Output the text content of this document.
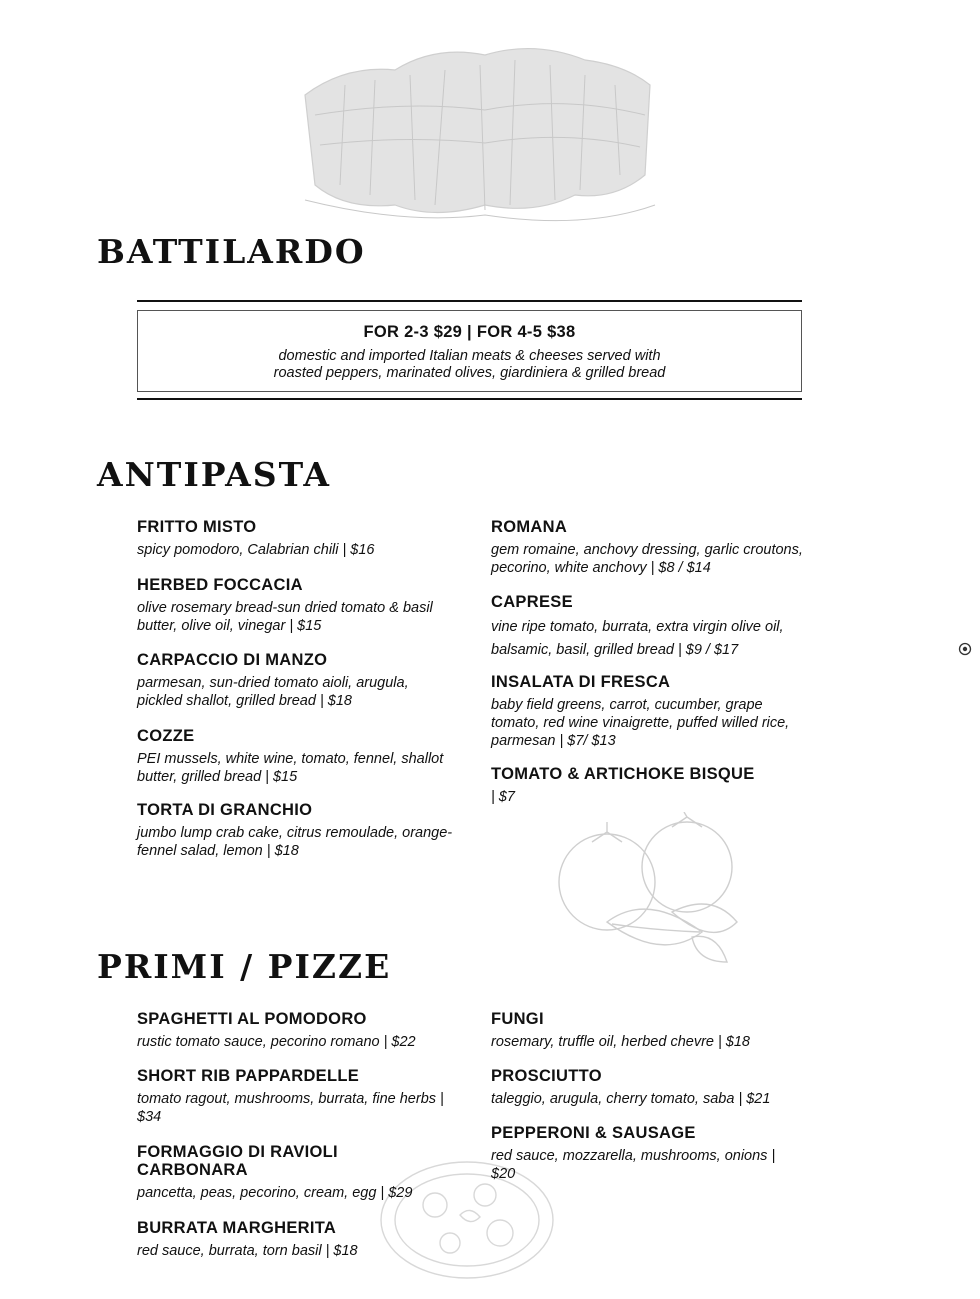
BATTILARDO
FOR 2-3 $29 | FOR 4-5 $38
domestic and imported Italian meats & cheeses served with
roasted peppers, marinated olives, giardiniera & grilled bread
ANTIPASTA
FRITTO MISTO
spicy pomodoro, Calabrian chili | $16
HERBED FOCCACIA
olive rosemary bread-sun dried tomato & basil butter, olive oil, vinegar | $15
CARPACCIO DI MANZO
parmesan, sun-dried tomato aioli, arugula, pickled shallot, grilled bread | $18
COZZE
PEI mussels, white wine, tomato, fennel, shallot butter, grilled bread | $15
TORTA DI GRANCHIO
jumbo lump crab cake, citrus remoulade, orange-fennel salad, lemon | $18
ROMANA
gem romaine, anchovy dressing, garlic croutons, pecorino, white anchovy | $8 / $14
CAPRESE
vine ripe tomato, burrata, extra virgin olive oil, balsamic, basil, grilled bread | $9 / $17
INSALATA DI FRESCA
baby field greens, carrot, cucumber, grape tomato, red wine vinaigrette, puffed willed rice, parmesan | $7/ $13
TOMATO & ARTICHOKE BISQUE
| $7
PRIMI / PIZZE
SPAGHETTI AL POMODORO
rustic tomato sauce, pecorino romano | $22
SHORT RIB PAPPARDELLE
tomato ragout, mushrooms, burrata, fine herbs | $34
FORMAGGIO DI RAVIOLI CARBONARA
pancetta, peas, pecorino, cream, egg | $29
BURRATA MARGHERITA
red sauce, burrata, torn basil | $18
FUNGI
rosemary, truffle oil, herbed chevre | $18
PROSCIUTTO
taleggio, arugula, cherry tomato, saba | $21
PEPPERONI & SAUSAGE
red sauce, mozzarella, mushrooms, onions | $20
